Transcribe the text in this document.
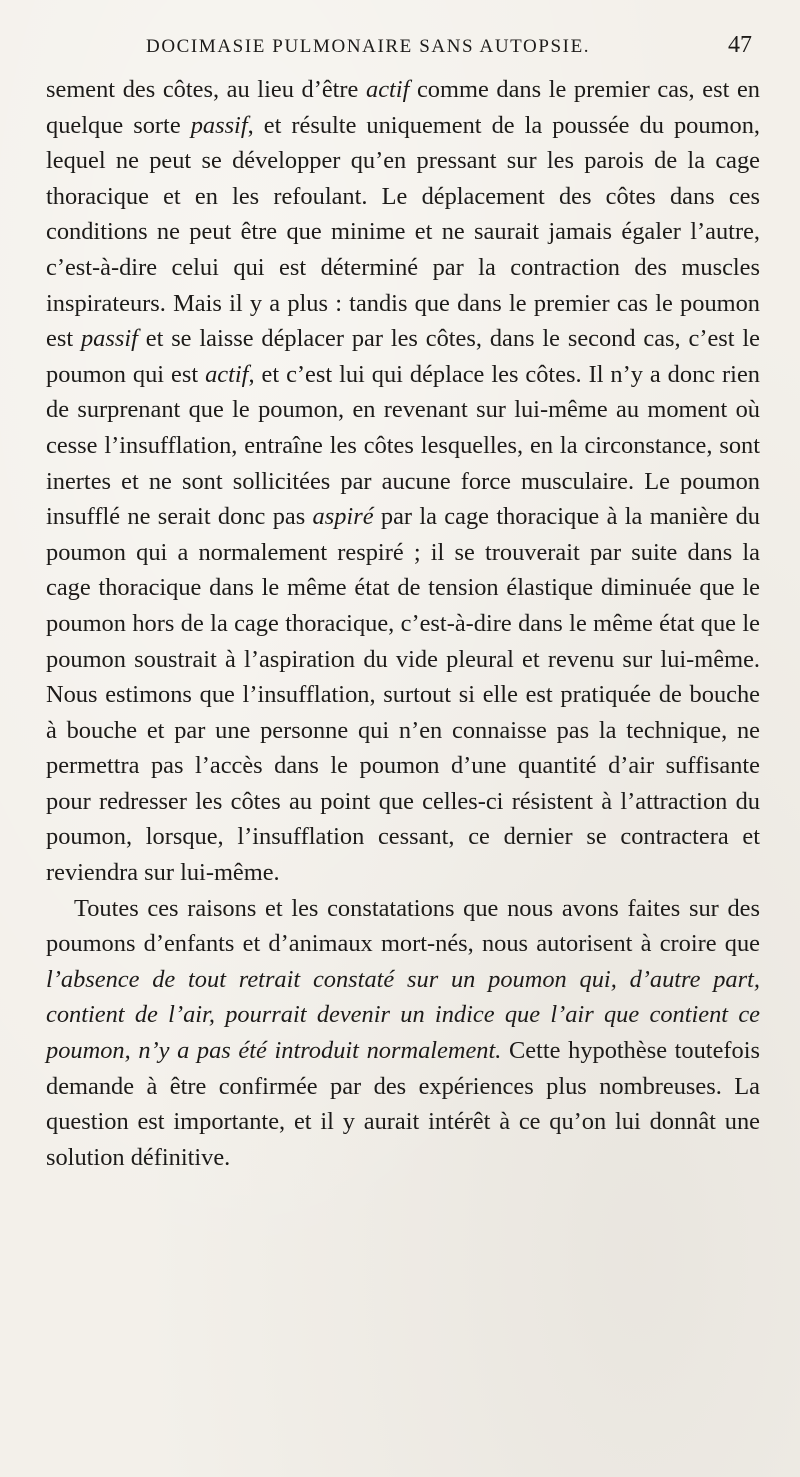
DOCIMASIE PULMONAIRE SANS AUTOPSIE.	47

sement des côtes, au lieu d’être actif comme dans le premier cas, est en quelque sorte passif, et résulte uniquement de la poussée du poumon, lequel ne peut se développer qu’en pressant sur les parois de la cage thoracique et en les refoulant. Le déplacement des côtes dans ces conditions ne peut être que minime et ne saurait jamais égaler l’autre, c’est-à-dire celui qui est déterminé par la contraction des muscles inspirateurs. Mais il y a plus : tandis que dans le premier cas le poumon est passif et se laisse déplacer par les côtes, dans le second cas, c’est le poumon qui est actif, et c’est lui qui déplace les côtes. Il n’y a donc rien de surprenant que le poumon, en revenant sur lui-même au moment où cesse l’insufflation, entraîne les côtes lesquelles, en la circonstance, sont inertes et ne sont sollicitées par aucune force musculaire. Le poumon insufflé ne serait donc pas aspiré par la cage thoracique à la manière du poumon qui a normalement respiré ; il se trouverait par suite dans la cage thoracique dans le même état de tension élastique diminuée que le poumon hors de la cage thoracique, c’est-à-dire dans le même état que le poumon soustrait à l’aspiration du vide pleural et revenu sur lui-même. Nous estimons que l’insufflation, surtout si elle est pratiquée de bouche à bouche et par une personne qui n’en connaisse pas la technique, ne permettra pas l’accès dans le poumon d’une quantité d’air suffisante pour redresser les côtes au point que celles-ci résistent à l’attraction du poumon, lorsque, l’insufflation cessant, ce dernier se contractera et reviendra sur lui-même.

Toutes ces raisons et les constatations que nous avons faites sur des poumons d’enfants et d’animaux mort-nés, nous autorisent à croire que l’absence de tout retrait constaté sur un poumon qui, d’autre part, contient de l’air, pourrait devenir un indice que l’air que contient ce poumon, n’y a pas été introduit normalement. Cette hypothèse toutefois demande à être confirmée par des expériences plus nombreuses. La question est importante, et il y aurait intérêt à ce qu’on lui donnât une solution définitive.
